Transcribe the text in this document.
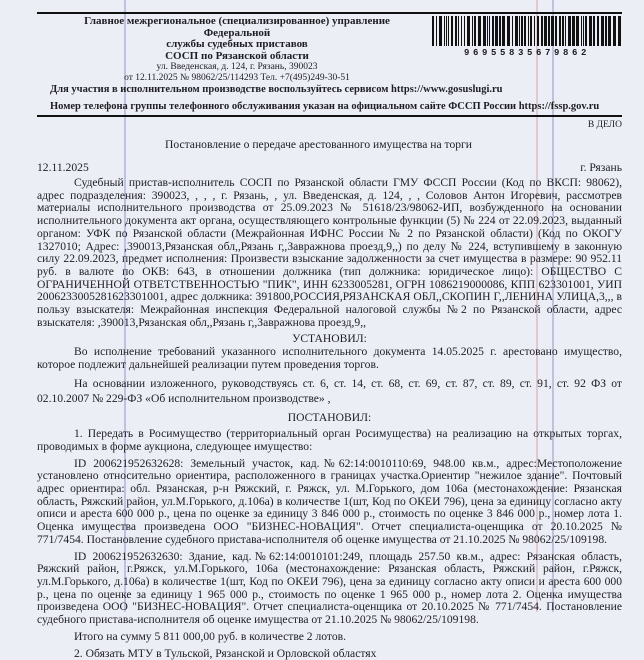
Главное межрегиональное (специализированное) управление Федеральной
службы судебных приставов
СОСП по Рязанской области
ул. Введенская, д. 124, г. Рязань, 390023
от 12.11.2025 № 98062/25/114293 Тел. +7(495)249-30-51
96955835679862
Для участия в исполнительном производстве воспользуйтесь сервисом https://www.gosuslugi.ru
Номер телефона группы телефонного обслуживания указан на официальном сайте ФССП России https://fssp.gov.ru
В ДЕЛО
Постановление о передаче арестованного имущества на торги
12.11.2025	г. Рязань

Судебный пристав-исполнитель СОСП по Рязанской области ГМУ ФССП России (Код по ВКСП: 98062), адрес подразделения: 390023, , , , г. Рязань, , ул. Введенская, д. 124, , , Соловов Антон Игоревич, рассмотрев материалы исполнительного производства от 25.09.2023 № 51618/23/98062-ИП, возбужденного на основании исполнительного документа акт органа, осуществляющего контрольные функции (5) № 224 от 22.09.2023, выданный органом: УФК по Рязанской области (Межрайонная ИФНС России № 2 по Рязанской области) (Код по ОКОГУ 1327010; Адрес: ,390013,Рязанская обл,,Рязань г,,Завражнова проезд,9,,) по делу № 224, вступившему в законную силу 22.09.2023, предмет исполнения: Произвести взыскание задолженности за счет имущества в размере: 90 952.11 руб. в валюте по ОКВ: 643, в отношении должника (тип должника: юридическое лицо): ОБЩЕСТВО С ОГРАНИЧЕННОЙ ОТВЕТСТВЕННОСТЬЮ "ПИК", ИНН 6233005281, ОГРН 1086219000086, КПП 623301001, УИП 2006233005281623301001, адрес должника: 391800,РОССИЯ,РЯЗАНСКАЯ ОБЛ,,СКОПИН Г,,ЛЕНИНА УЛИЦА,3,,, в пользу взыскателя: Межрайонная инспекция Федеральной налоговой службы №2 по Рязанской области, адрес взыскателя: ,390013,Рязанская обл,,Рязань г,,Завражнова проезд,9,,

УСТАНОВИЛ:

Во исполнение требований указанного исполнительного документа 14.05.2025 г. арестовано имущество, которое подлежит дальнейшей реализации путем проведения торгов.

На основании изложенного, руководствуясь ст. 6, ст. 14, ст. 68, ст. 69, ст. 87, ст. 89, ст. 91, ст. 92 ФЗ от 02.10.2007 № 229-ФЗ «Об исполнительном производстве» ,

ПОСТАНОВИЛ:

1. Передать в Росимущество (территориальный орган Росимущества) на реализацию на открытых торгах, проводимых в форме аукциона, следующее имущество:

ID 200621952632628: Земельный участок, кад.№62:14:0010110:69, 948.00 кв.м., адрес:Местоположение установлено относительно ориентира, расположенного в границах участка.Ориентир "нежилое здание". Почтовый адрес ориентира: обл. Рязанская, р-н Ряжский, г. Ряжск, ул. М.Горького, дом 106а (местонахождение: Рязанская область, Ряжский район, ул.М.Горького, д.106а) в количестве 1(шт, Код по ОКЕИ 796), цена за единицу согласно акту описи и ареста 600 000 р., цена по оценке за единицу 3 846 000 р., стоимость по оценке 3 846 000 р., номер лота 1. Оценка имущества произведена ООО "БИЗНЕС-НОВАЦИЯ". Отчет специалиста-оценщика от 20.10.2025 № 771/7454. Постановление судебного пристава-исполнителя об оценке имущества от 21.10.2025 № 98062/25/109198.

ID 200621952632630: Здание, кад.№62:14:0010101:249, площадь 257.50 кв.м., адрес: Рязанская область, Ряжский район, г.Ряжск, ул.М.Горького, 106а (местонахождение: Рязанская область, Ряжский район, г.Ряжск, ул.М.Горького, д.106а) в количестве 1(шт, Код по ОКЕИ 796), цена за единицу согласно акту описи и ареста 600 000 р., цена по оценке за единицу 1 965 000 р., стоимость по оценке 1 965 000 р., номер лота 2. Оценка имущества произведена ООО "БИЗНЕС-НОВАЦИЯ". Отчет специалиста-оценщика от 20.10.2025 № 771/7454. Постановление судебного пристава-исполнителя об оценке имущества от 21.10.2025 № 98062/25/109198.

Итого на сумму 5 811 000,00 руб. в количестве 2 лотов.

2. Обязать МТУ в Тульской, Рязанской и Орловской областях
